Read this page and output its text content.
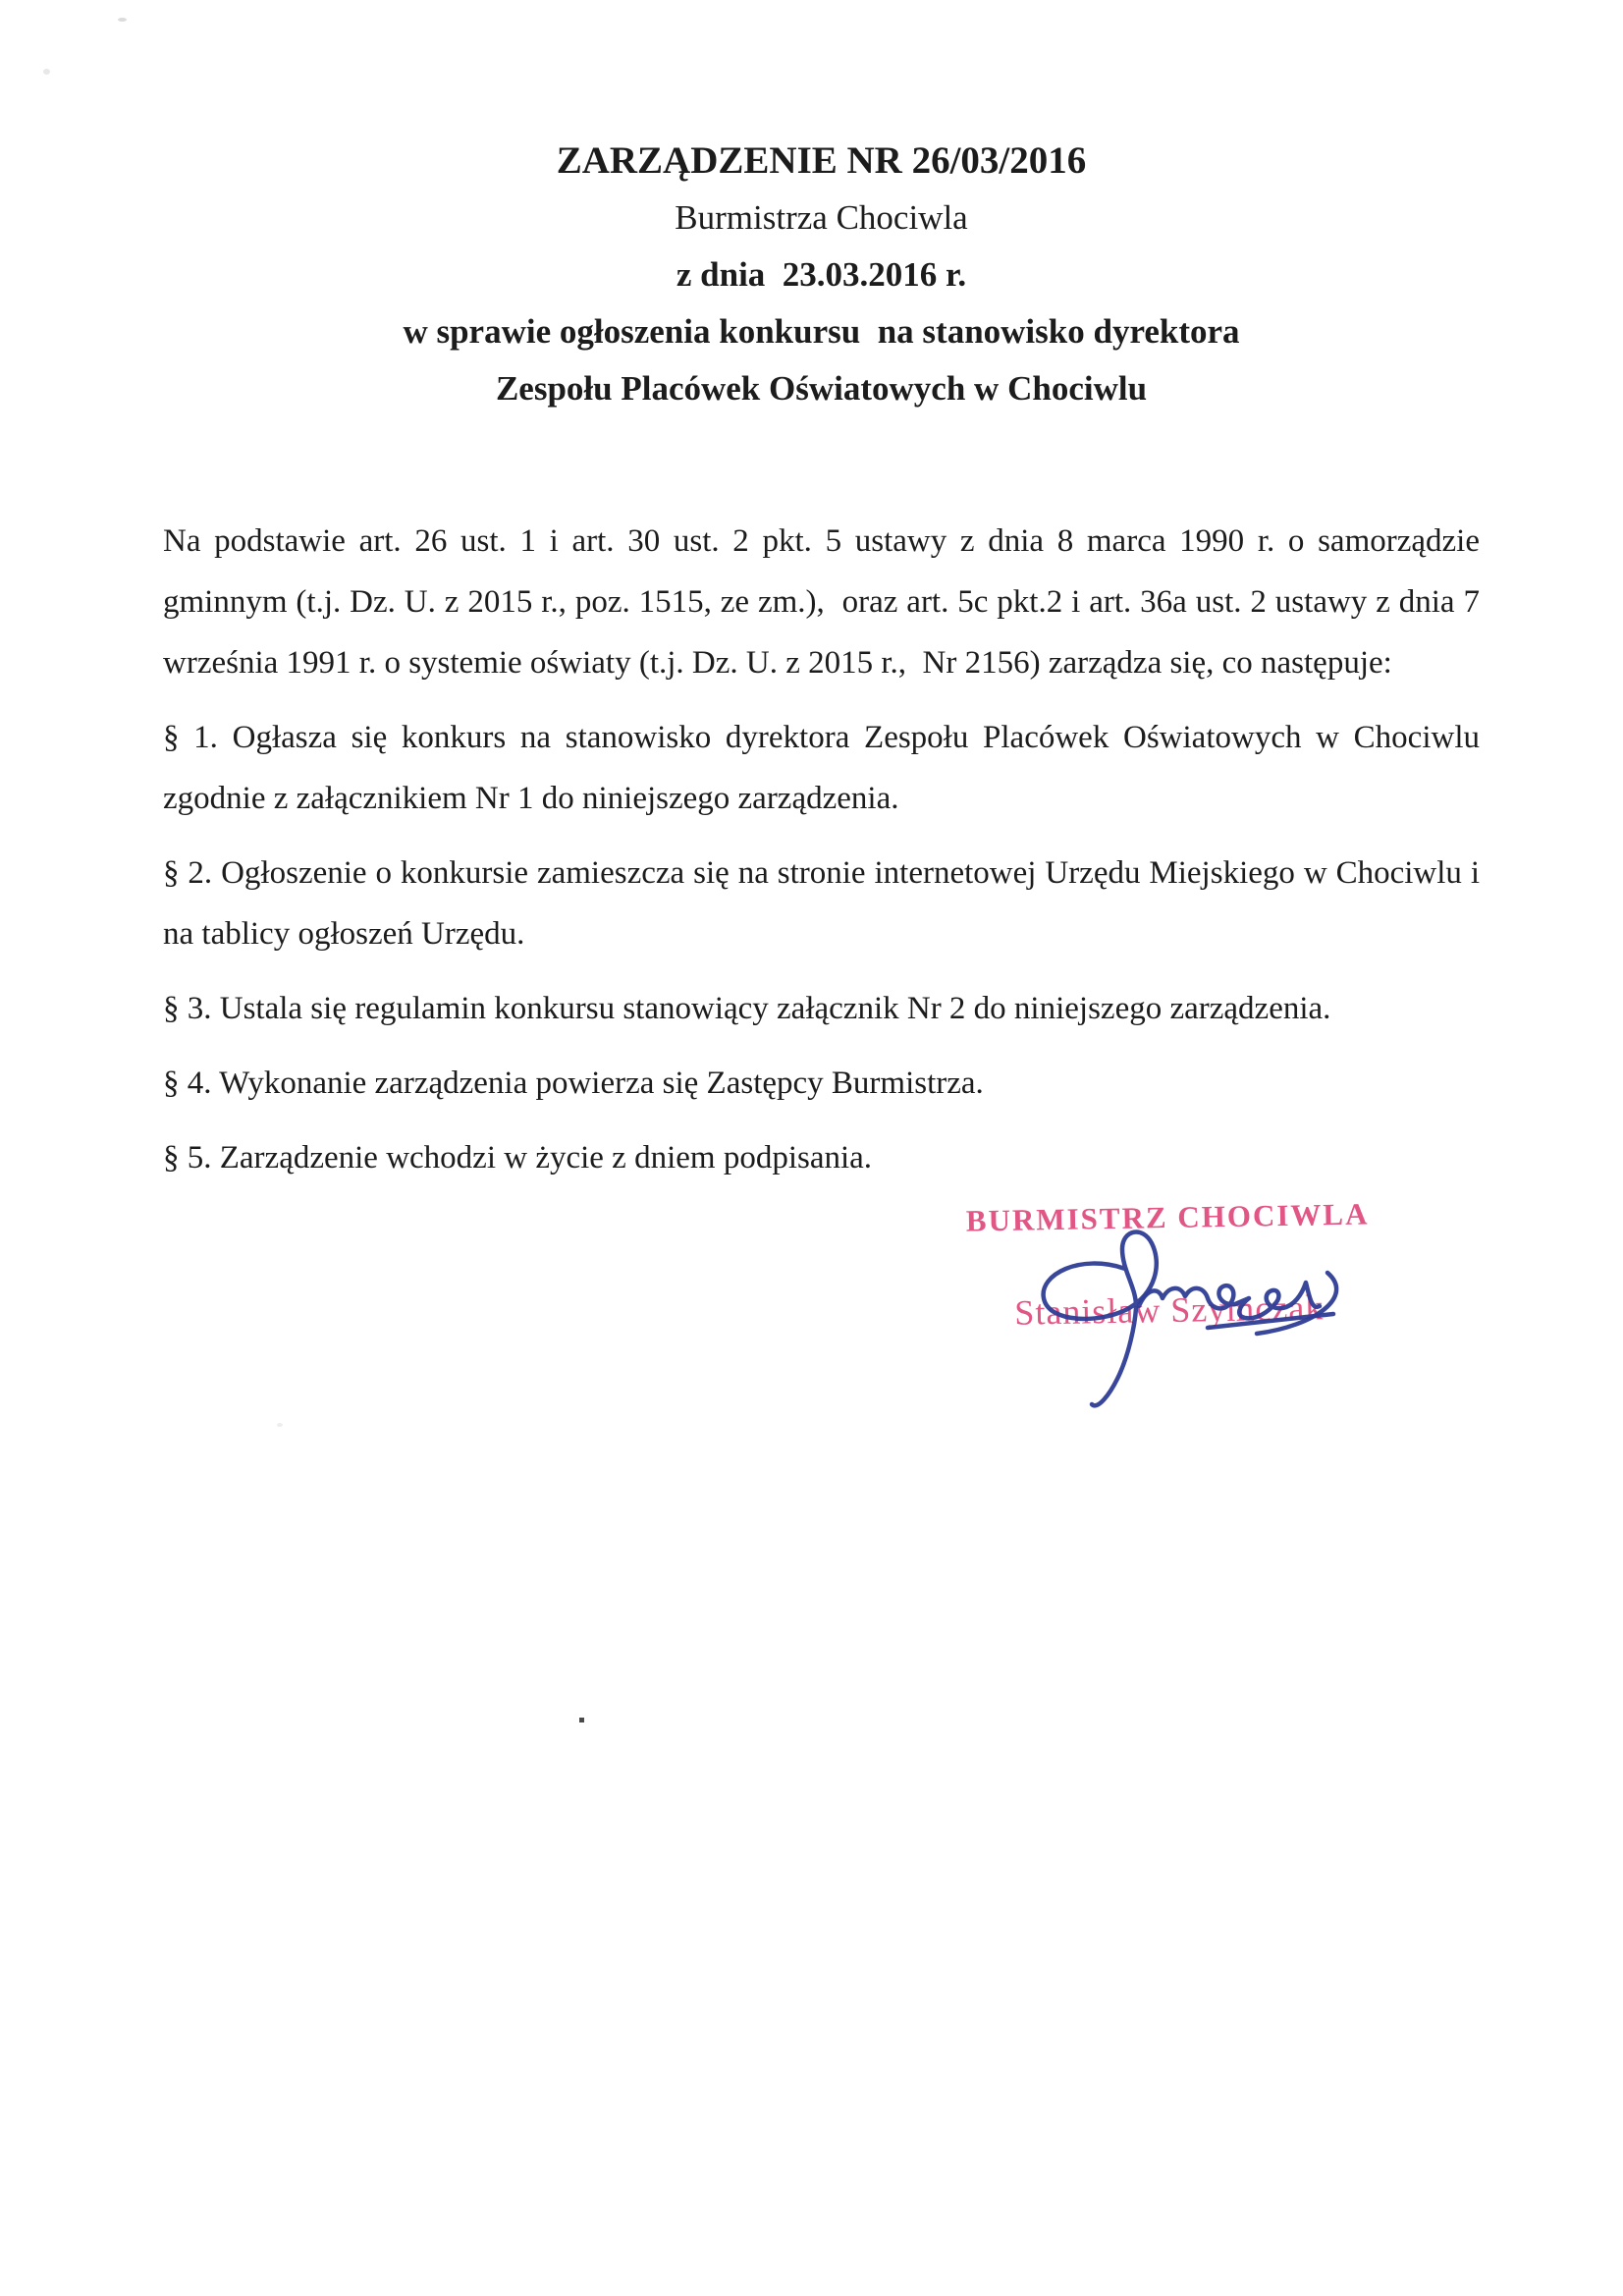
ZARZĄDZENIE NR 26/03/2016
Burmistrza Chociwla
z dnia  23.03.2016 r.
w sprawie ogłoszenia konkursu  na stanowisko dyrektora
Zespołu Placówek Oświatowych w Chociwlu

Na podstawie art. 26 ust. 1 i art. 30 ust. 2 pkt. 5 ustawy z dnia 8 marca 1990 r. o samorządzie gminnym (t.j. Dz. U. z 2015 r., poz. 1515, ze zm.),  oraz art. 5c pkt.2 i art. 36a ust. 2 ustawy z dnia 7 września 1991 r. o systemie oświaty (t.j. Dz. U. z 2015 r.,  Nr 2156) zarządza się, co następuje:

§ 1. Ogłasza się konkurs na stanowisko dyrektora Zespołu Placówek Oświatowych w Chociwlu zgodnie z załącznikiem Nr 1 do niniejszego zarządzenia.

§ 2. Ogłoszenie o konkursie zamieszcza się na stronie internetowej Urzędu Miejskiego w Chociwlu i na tablicy ogłoszeń Urzędu.

§ 3. Ustala się regulamin konkursu stanowiący załącznik Nr 2 do niniejszego zarządzenia.

§ 4. Wykonanie zarządzenia powierza się Zastępcy Burmistrza.

§ 5. Zarządzenie wchodzi w życie z dniem podpisania.

BURMISTRZ CHOCIWLA
Stanisław Szymczak
